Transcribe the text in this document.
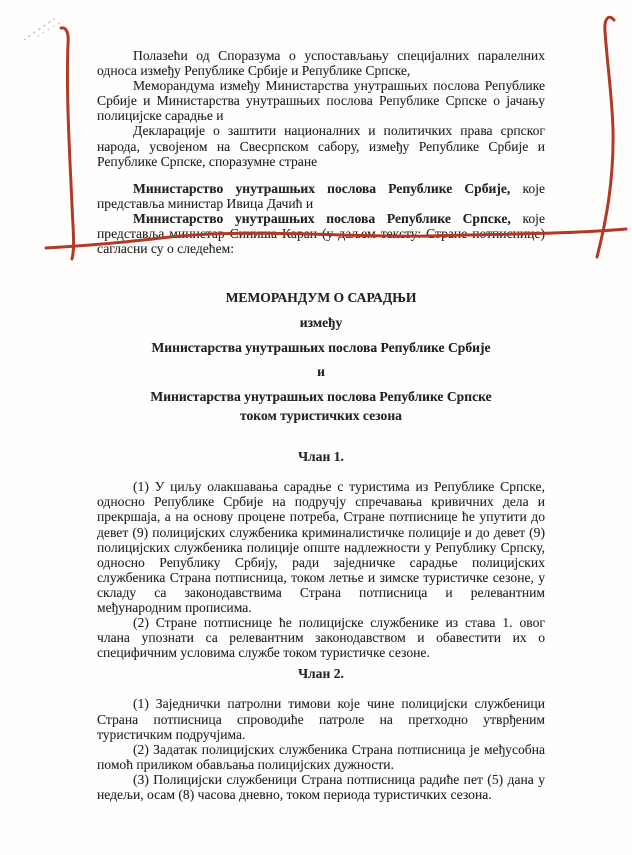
Полазећи од Споразума о успостављању специјалних паралелних односа између Републике Србије и Републике Српске,

Меморандума између Министарства унутрашњих послова Републике Србије и Министарства унутрашњих послова Републике Српске о јачању полицијске сарадње и

Декларације о заштити националних и политичких права српског народа, усвојеном на Свесрпском сабору, између Републике Србије и Републике Српске, споразумне стране

Министарство унутрашњих послова Републике Србије, које представља министар Ивица Дачић и

Министарство унутрашњих послова Републике Српске, које представља министар Синиша Каран (у даљем тексту: Стране потписнице) сагласни су о следећем:

МЕМОРАНДУМ О САРАДЊИ

између

Министарства унутрашњих послова Републике Србије

и

Министарства унутрашњих послова Републике Српске

током туристичких сезона

Члан 1.

(1) У циљу олакшавања сарадње с туристима из Републике Српске, односно Републике Србије на подручју спречавања кривичних дела и прекршаја, а на основу процене потреба, Стране потписнице ће упутити до девет (9) полицијских службеника криминалистичке полиције и до девет (9) полицијских службеника полиције опште надлежности у Републику Српску, односно Републику Србију, ради заједничке сарадње полицијских службеника Страна потписница, током летње и зимске туристичке сезоне, у складу са законодавствима Страна потписница и релевантним међународним прописима.

(2) Стране потписнице ће полицијске службенике из става 1. овог члана упознати са релевантним законодавством и обавестити их о специфичним условима службе током туристичке сезоне.

Члан 2.

(1) Заједнички патролни тимови које чине полицијски службеници Страна потписница спроводиће патроле на претходно утврђеним туристичким подручјима.

(2) Задатак полицијских службеника Страна потписница је међусобна помоћ приликом обављања полицијских дужности.

(3) Полицијски службеници Страна потписница радиће пет (5) дана у недељи, осам (8) часова дневно, током периода туристичких сезона.
